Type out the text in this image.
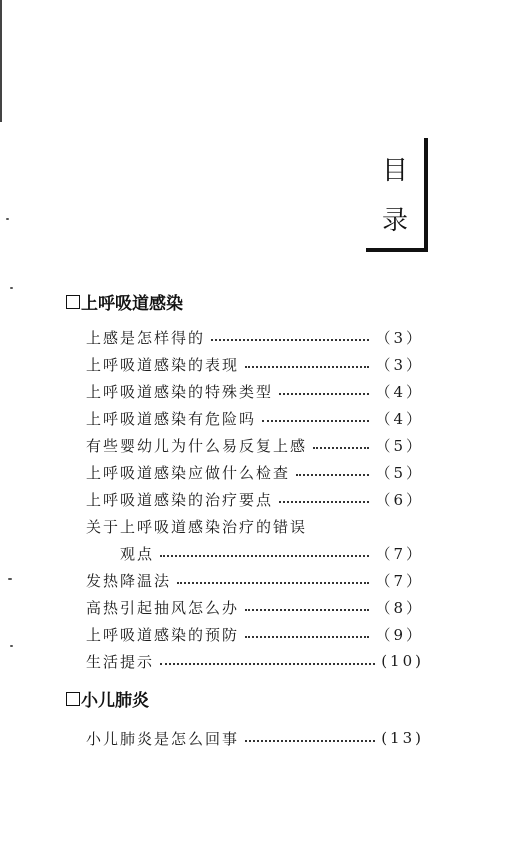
目
录
上呼吸道感染
上感是怎样得的	（3）
上呼吸道感染的表现	（3）
上呼吸道感染的特殊类型	（4）
上呼吸道感染有危险吗	（4）
有些婴幼儿为什么易反复上感	（5）
上呼吸道感染应做什么检查	（5）
上呼吸道感染的治疗要点	（6）
关于上呼吸道感染治疗的错误
观点	（7）
发热降温法	（7）
高热引起抽风怎么办	（8）
上呼吸道感染的预防	（9）
生活提示	(10)
小儿肺炎
小儿肺炎是怎么回事	(13)
